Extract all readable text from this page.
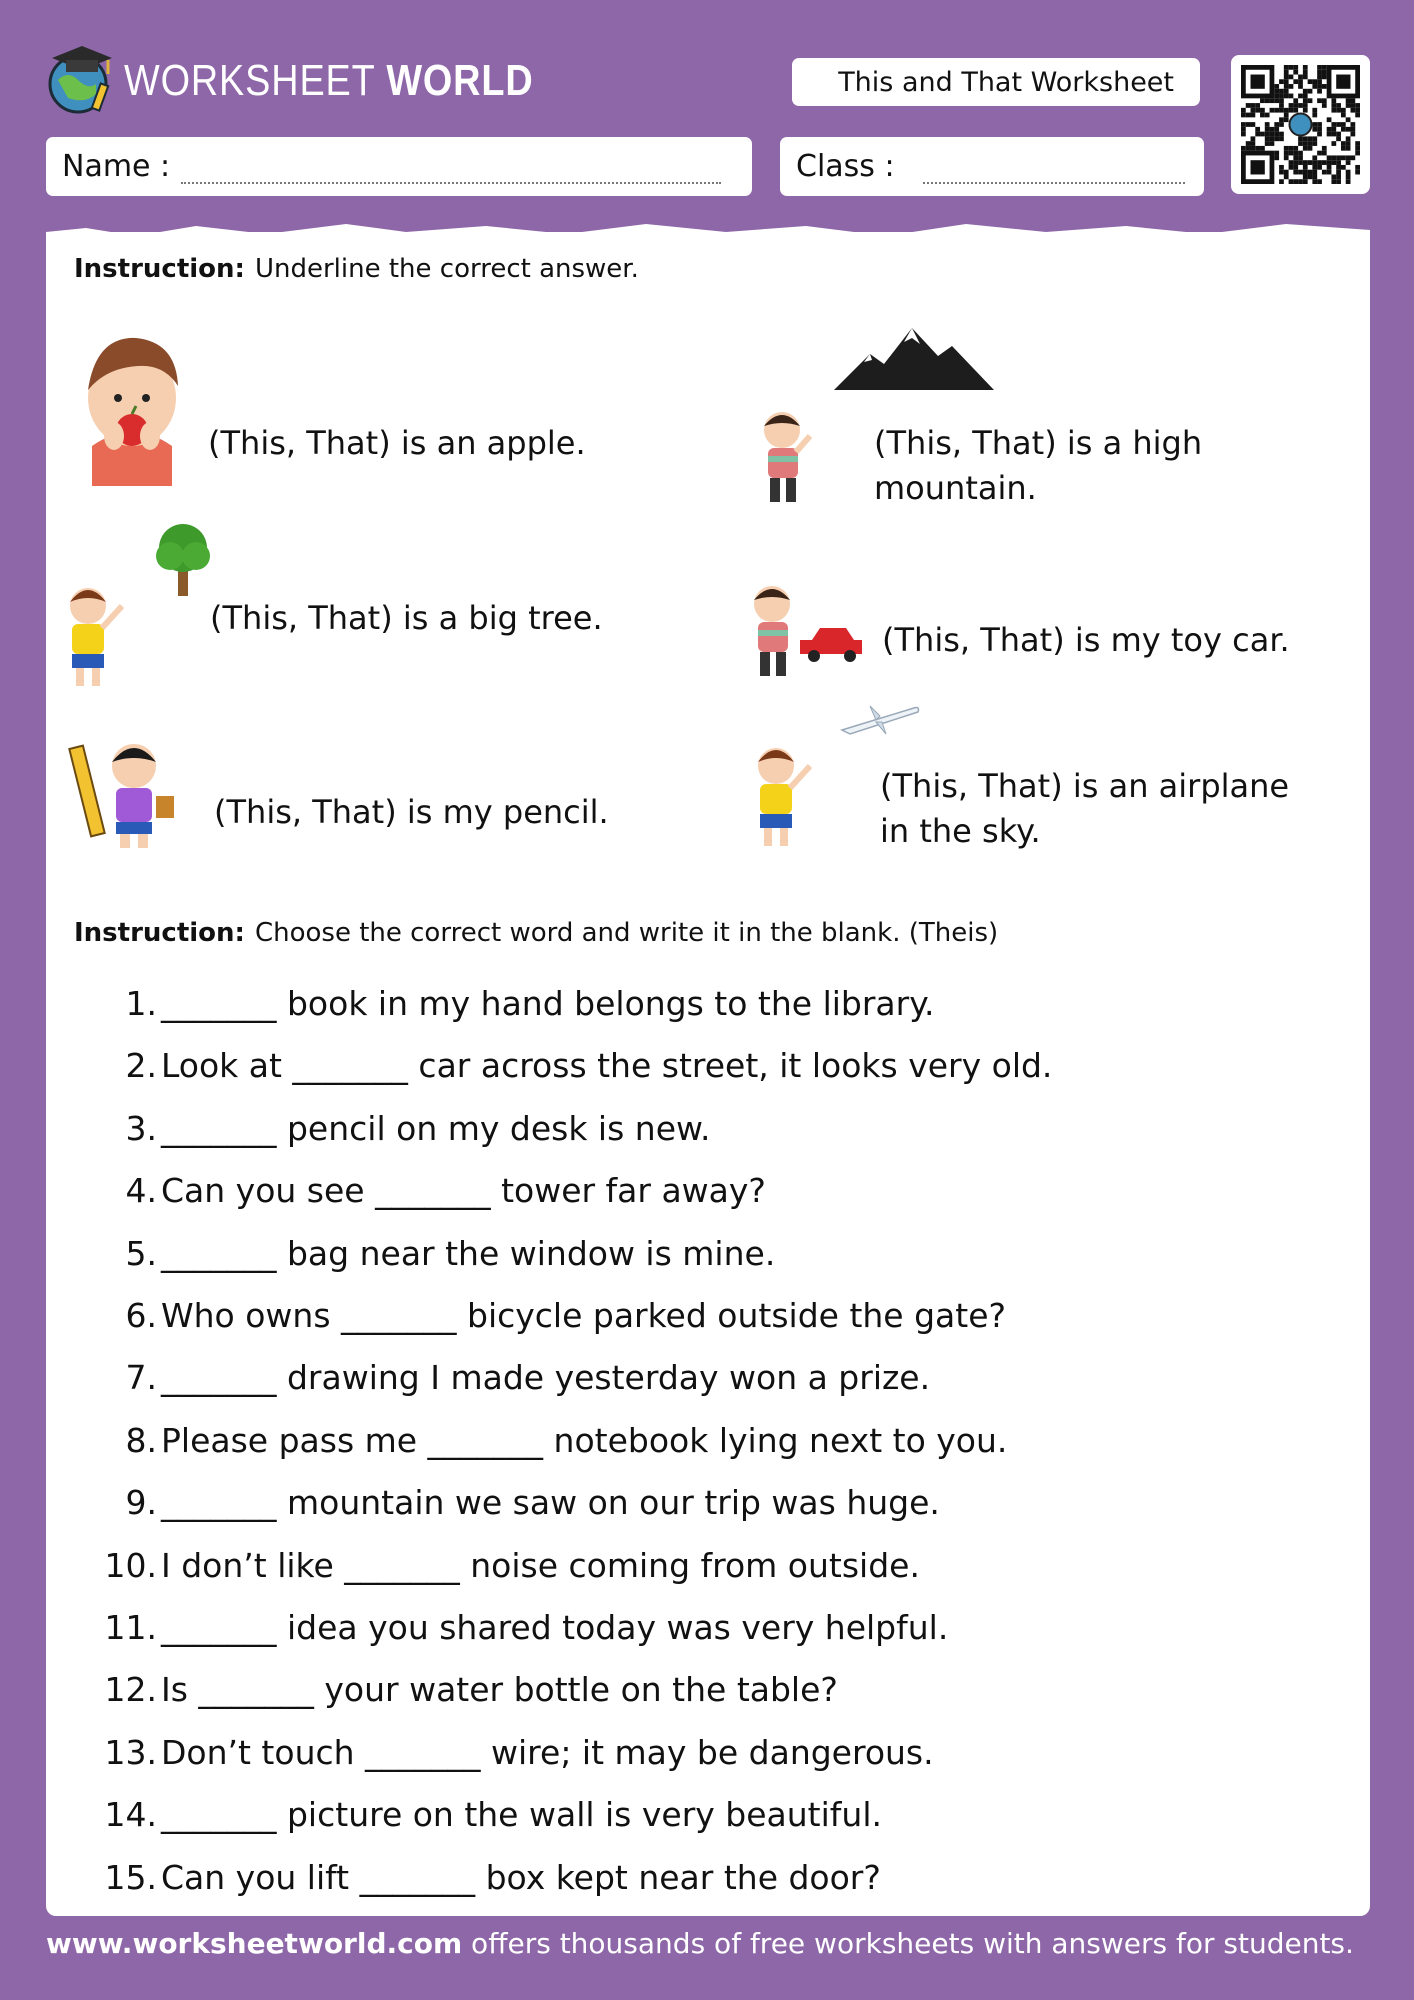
WORKSHEET WORLD	This and That Worksheet
Name :	Class :
Instruction: Underline the correct answer.
(This, That) is an apple.	(This, That) is a high mountain.
(This, That) is a big tree.
(This, That) is my toy car.
(This, That) is my pencil.
(This, That) is an airplane in the sky.
Instruction: Choose the correct word and write it in the blank. (Theis)
1. _______ book in my hand belongs to the library.
2. Look at _______ car across the street, it looks very old.
3. _______ pencil on my desk is new.
4. Can you see _______ tower far away?
5. _______ bag near the window is mine.
6. Who owns _______ bicycle parked outside the gate?
7. _______ drawing I made yesterday won a prize.
8. Please pass me _______ notebook lying next to you.
9. _______ mountain we saw on our trip was huge.
10. I don’t like _______ noise coming from outside.
11. _______ idea you shared today was very helpful.
12. Is _______ your water bottle on the table?
13. Don’t touch _______ wire; it may be dangerous.
14. _______ picture on the wall is very beautiful.
15. Can you lift _______ box kept near the door?
www.worksheetworld.com offers thousands of free worksheets with answers for students.
